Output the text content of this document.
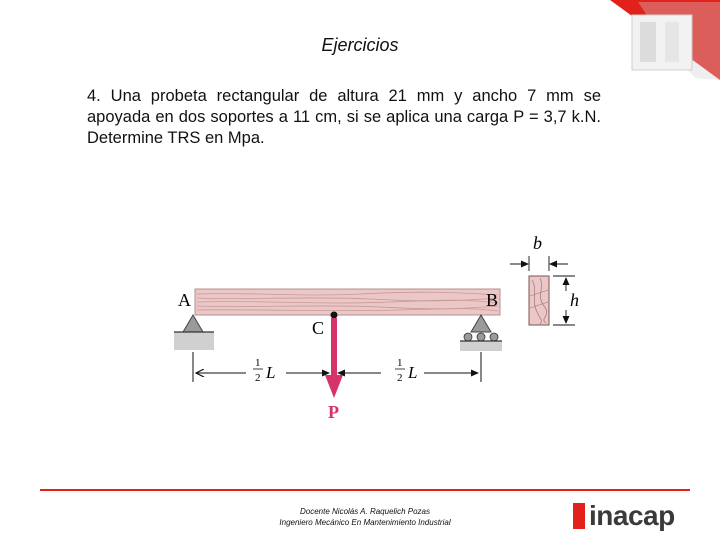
Ejercicios
4. Una probeta rectangular de altura 21 mm y ancho 7 mm se apoyada en dos soportes a 11 cm, si se aplica una carga P = 3,7 k.N. Determine TRS en Mpa.
A	B
C
P
1
2 L	1
2 L
b
h
Docente Nicolás A. Raquelich Pozas
Ingeniero Mecánico En Mantenimiento Industrial	inacap
